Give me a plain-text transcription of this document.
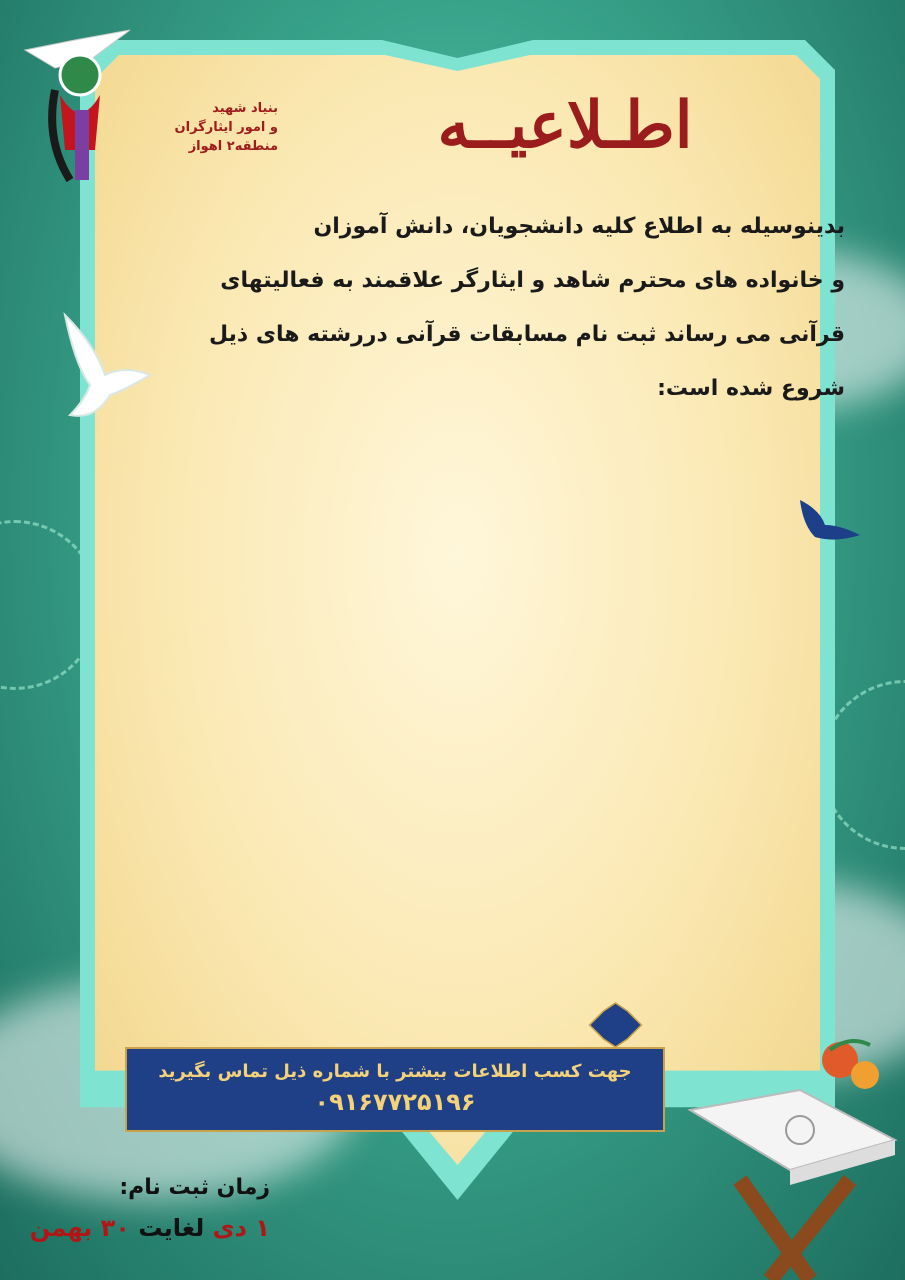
بنیاد شهید
و امور ایثارگران
منطقه۲ اهواز	اطـلاعیــه
بدینوسیله به اطلاع کلیه دانشجویان، دانش آموزان
و خانواده های محترم شاهد و ایثارگر علاقمند به فعالیتهای
قرآنی می رساند ثبت نام مسابقات قرآنی دررشته های ذیل
شروع شده است:
جهت کسب اطلاعات بیشتر با شماره ذیل تماس بگیرید
۰۹۱۶۷۷۲۵۱۹۶
زمان ثبت نام:
۱ دی لغایت ۳۰ بهمن
